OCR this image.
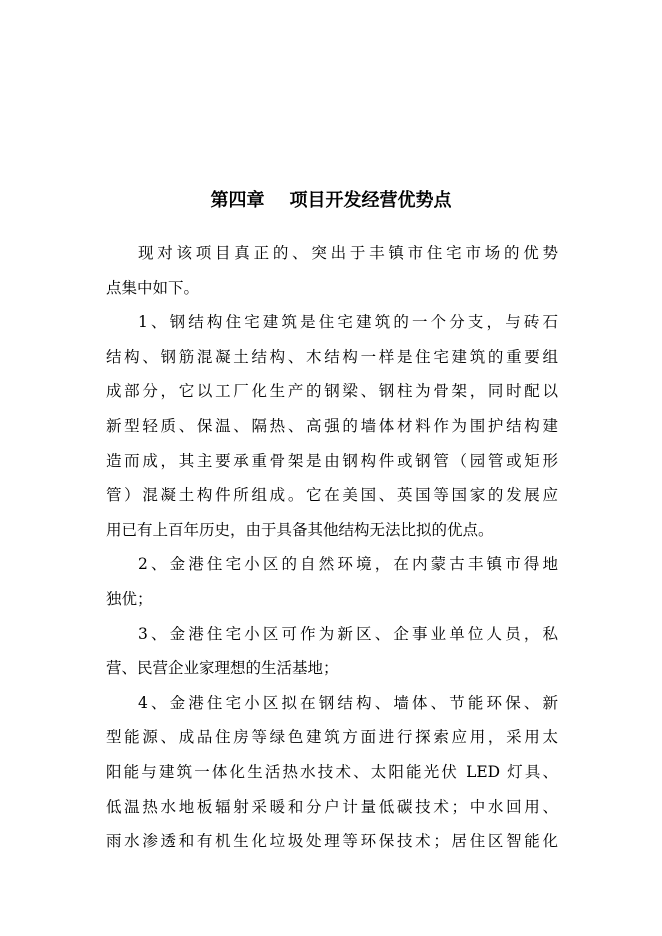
第四章    项目开发经营优势点
现对该项目真正的、突出于丰镇市住宅市场的优势
点集中如下。
1、钢结构住宅建筑是住宅建筑的一个分支，与砖石
结构、钢筋混凝土结构、木结构一样是住宅建筑的重要组
成部分，它以工厂化生产的钢梁、钢柱为骨架，同时配以
新型轻质、保温、隔热、高强的墙体材料作为围护结构建
造而成，其主要承重骨架是由钢构件或钢管（园管或矩形
管）混凝土构件所组成。它在美国、英国等国家的发展应
用已有上百年历史，由于具备其他结构无法比拟的优点。
2、金港住宅小区的自然环境，在内蒙古丰镇市得地
独优；
3、金港住宅小区可作为新区、企事业单位人员，私
营、民营企业家理想的生活基地；
4、金港住宅小区拟在钢结构、墙体、节能环保、新
型能源、成品住房等绿色建筑方面进行探索应用，采用太
阳能与建筑一体化生活热水技术、太阳能光伏 LED 灯具、
低温热水地板辐射采暖和分户计量低碳技术；中水回用、
雨水渗透和有机生化垃圾处理等环保技术；居住区智能化
